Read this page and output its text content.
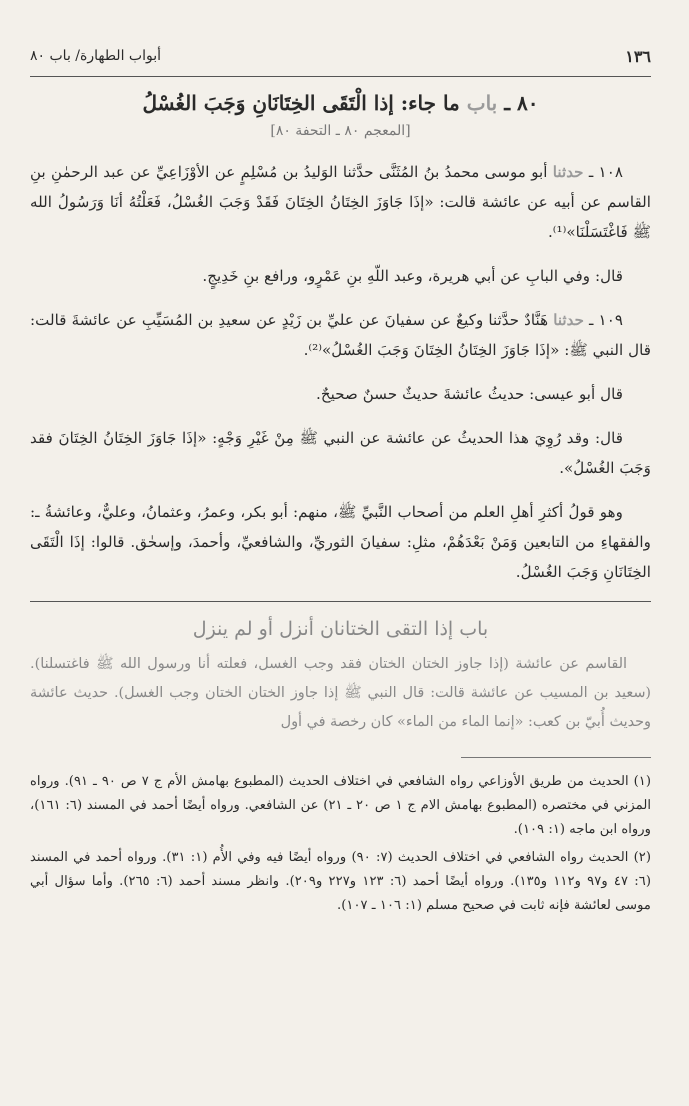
١٣٦
أبواب الطهارة/ باب ٨٠
٨٠ ـ باب ما جاء: إذا الْتَقَى الخِتَانَانِ وَجَبَ الغُسْلُ
[المعجم ٨٠ ـ التحفة ٨٠]

١٠٨ ـ حدثنا أبو موسى محمدُ بنُ المُثَنَّى حدَّثنا الوَليدُ بن مُسْلِمٍ عن الأوْزَاعِيِّ عن عبد الرحمٰنِ بنِ القاسم عن أبيه عن عائشة قالت: «إذَا جَاوَزَ الخِتَانُ الخِتَانَ فَقَدْ وَجَبَ الغُسْلُ، فَعَلْتُهُ أنَا وَرَسُولُ الله ﷺ فَاغْتَسَلْنَا»⁽¹⁾.

قال: وفي البابِ عن أبي هريرة، وعبد اللّهِ بنِ عَمْرٍو، ورافع بنِ خَدِيجٍ.

١٠٩ ـ حدثنا هَنَّادٌ حدَّثنا وكيعٌ عن سفيانَ عن عليِّ بن زَيْدٍ عن سعيدِ بن المُسَيِّبِ عن عائشةَ قالت: قال النبي ﷺ: «إذَا جَاوَزَ الخِتَانُ الخِتَانَ وَجَبَ الغُسْلُ»⁽²⁾.

قال أبو عيسى: حديثُ عائشةَ حديثٌ حسنٌ صحيحٌ.

قال: وقد رُوِيَ هذا الحديثُ عن عائشة عن النبي ﷺ مِنْ غَيْرِ وَجْهٍ: «إذَا جَاوَزَ الخِتَانُ الخِتَانَ فقد وَجَبَ الغُسْلُ».

وهو قولُ أكثرِ أهلِ العلم من أصحاب النَّبيِّ ﷺ، منهم: أبو بكر، وعمرُ، وعثمانُ، وعليٌّ، وعائشةُ ـ: والفقهاءِ من التابعين وَمَنْ بَعْدَهُمْ، مثلِ: سفيانَ الثوريِّ، والشافعيِّ، وأحمدَ، وإسحٰق. قالوا: إذَا الْتَقَى الخِتَانَانِ وَجَبَ الغُسْلُ.

باب إذا التقى الختانان أنزل أو لم ينزل

القاسم عن عائشة (إذا جاوز الختان الختان فقد وجب الغسل، فعلته أنا ورسول الله ﷺ فاغتسلنا). (سعيد بن المسيب عن عائشة قالت: قال النبي ﷺ إذا جاوز الختان الختان وجب الغسل). حديث عائشة وحديث أُبيّ بن كعب: «إنما الماء من الماء» كان رخصة في أول

(١) الحديث من طريق الأوزاعي رواه الشافعي في اختلاف الحديث (المطبوع بهامش الأم ج ٧ ص ٩٠ ـ ٩١). ورواه المزني في مختصره (المطبوع بهامش الام ج ١ ص ٢٠ ـ ٢١) عن الشافعي. ورواه أيضًا أحمد في المسند (٦: ١٦١)، ورواه ابن ماجه (١: ١٠٩).

(٢) الحديث رواه الشافعي في اختلاف الحديث (٧: ٩٠) ورواه أيضًا فيه وفي الأُم (١: ٣١). ورواه أحمد في المسند (٦: ٤٧ و٩٧ و١١٢ و١٣٥). ورواه أيضًا أحمد (٦: ١٢٣ و٢٢٧ و٢٠٩). وانظر مسند أحمد (٦: ٢٦٥). وأما سؤال أبي موسى لعائشة فإنه ثابت في صحيح مسلم (١: ١٠٦ ـ ١٠٧).
